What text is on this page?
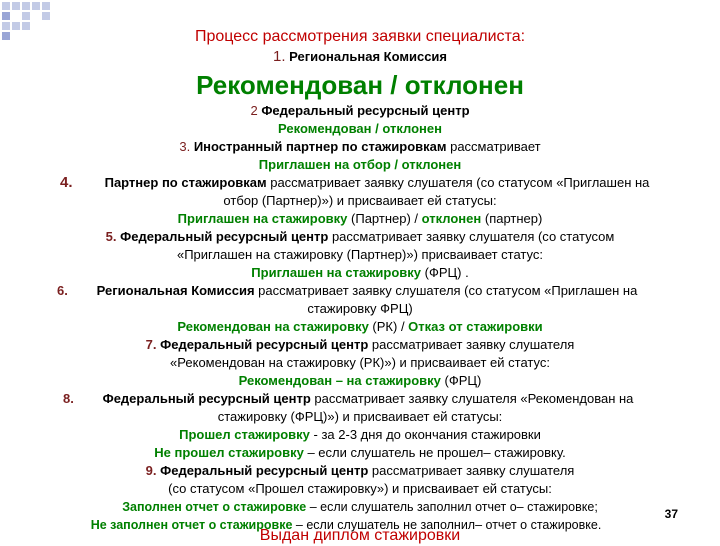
Процесс рассмотрения заявки специалиста:
1. Региональная Комиссия
Рекомендован / отклонен
2 Федеральный ресурсный центр
Рекомендован / отклонен
3. Иностранный партнер по стажировкам рассматривает
Приглашен на отбор / отклонен
4. Партнер по стажировкам рассматривает заявку слушателя (со статусом «Приглашен на
отбор (Партнер)») и присваивает ей статусы:
Приглашен на стажировку (Партнер) / отклонен (партнер)
5. Федеральный ресурсный центр рассматривает заявку слушателя (со статусом
«Приглашен на стажировку (Партнер)») присваивает статус:
Приглашен на стажировку (ФРЦ) .
6. Региональная Комиссия рассматривает заявку слушателя (со статусом «Приглашен на
стажировку ФРЦ)
Рекомендован на стажировку (РК) / Отказ от стажировки
7. Федеральный ресурсный центр рассматривает заявку слушателя
«Рекомендован на стажировку (РК)») и присваивает ей статус:
Рекомендован – на стажировку (ФРЦ)
8. Федеральный ресурсный центр рассматривает заявку слушателя «Рекомендован на
стажировку (ФРЦ)») и присваивает ей статусы:
Прошел стажировку - за 2-3 дня до окончания стажировки
Не прошел стажировку – если слушатель не прошел– стажировку.
9. Федеральный ресурсный центр рассматривает заявку слушателя
(со статусом «Прошел стажировку») и присваивает ей статусы:
Заполнен отчет о стажировке – если слушатель заполнил отчет о– стажировке;
Не заполнен отчет о стажировке – если слушатель не заполнил– отчет о стажировке.
37
Выдан диплом стажировки
